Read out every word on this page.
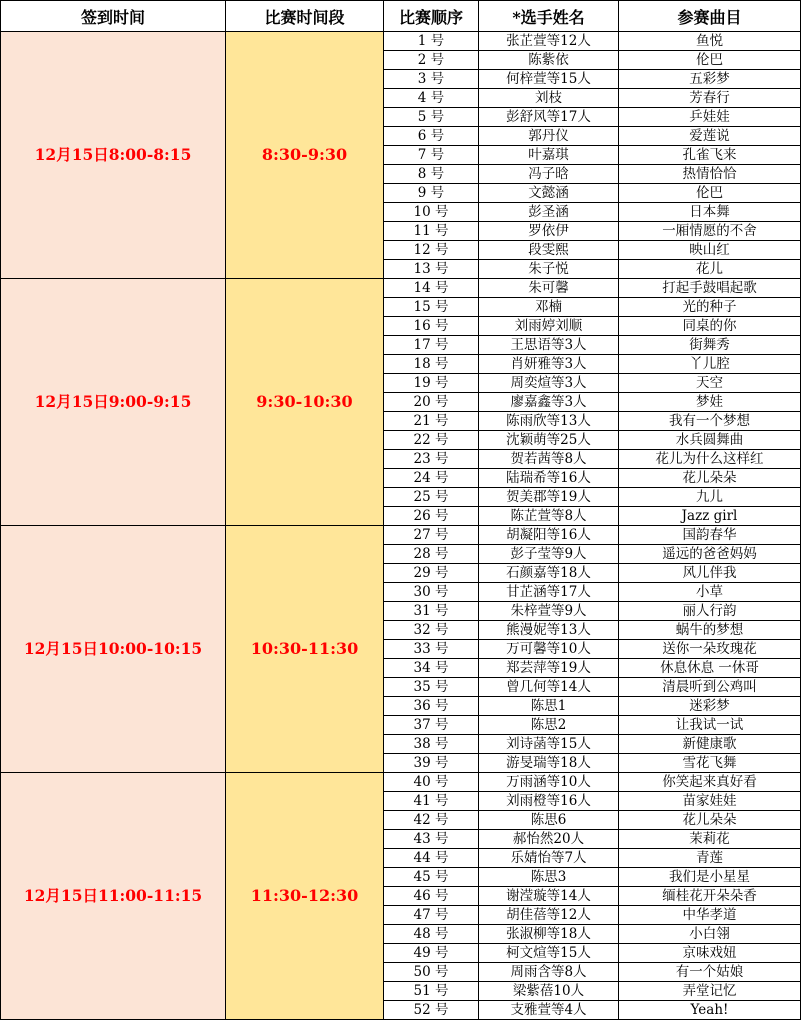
签到时间	比赛时间段	比赛顺序	*选手姓名	参赛曲目
12月15日8:00-8:15	8:30-9:30	1 号	张芷萱等12人	鱼悦
		2 号	陈紫依	伦巴
		3 号	何梓萱等15人	五彩梦
		4 号	刘枝	芳春行
		5 号	彭舒风等17人	乒娃娃
		6 号	郭丹仪	爱莲说
		7 号	叶嘉琪	孔雀飞来
		8 号	冯子晗	热情恰恰
		9 号	文懿涵	伦巴
		10 号	彭圣涵	日本舞
		11 号	罗依伊	一厢情愿的不舍
		12 号	段雯熙	映山红
		13 号	朱子悦	花儿
12月15日9:00-9:15	9:30-10:30	14 号	朱可馨	打起手鼓唱起歌
		15 号	邓楠	光的种子
		16 号	刘雨婷刘顺	同桌的你
		17 号	王思语等3人	街舞秀
		18 号	肖妍雅等3人	丫儿腔
		19 号	周奕煊等3人	天空
		20 号	廖嘉鑫等3人	梦娃
		21 号	陈雨欣等13人	我有一个梦想
		22 号	沈颖萌等25人	水兵圆舞曲
		23 号	贺若茜等8人	花儿为什么这样红
		24 号	陆瑞希等16人	花儿朵朵
		25 号	贺美郡等19人	九儿
		26 号	陈芷萱等8人	Jazz girl
12月15日10:00-10:15	10:30-11:30	27 号	胡凝阳等16人	国韵春华
		28 号	彭子莹等9人	遥远的爸爸妈妈
		29 号	石颜嘉等18人	风儿伴我
		30 号	甘芷涵等17人	小草
		31 号	朱梓萱等9人	丽人行韵
		32 号	熊漫妮等13人	蜗牛的梦想
		33 号	万可馨等10人	送你一朵玫瑰花
		34 号	郑芸萍等19人	休息休息 一休哥
		35 号	曾几何等14人	清晨听到公鸡叫
		36 号	陈思1	迷彩梦
		37 号	陈思2	让我试一试
		38 号	刘诗菡等15人	新健康歌
		39 号	游旻瑞等18人	雪花飞舞
12月15日11:00-11:15	11:30-12:30	40 号	万雨涵等10人	你笑起来真好看
		41 号	刘雨橙等16人	苗家娃娃
		42 号	陈思6	花儿朵朵
		43 号	郝怡然20人	茉莉花
		44 号	乐婧怡等7人	青莲
		45 号	陈思3	我们是小星星
		46 号	谢滢璇等14人	缅桂花开朵朵香
		47 号	胡佳蓓等12人	中华孝道
		48 号	张淑柳等18人	小白翎
		49 号	柯文煊等15人	京味戏妞
		50 号	周雨含等8人	有一个姑娘
		51 号	梁紫蓓10人	弄堂记忆
		52 号	支雅萱等4人	Yeah!
